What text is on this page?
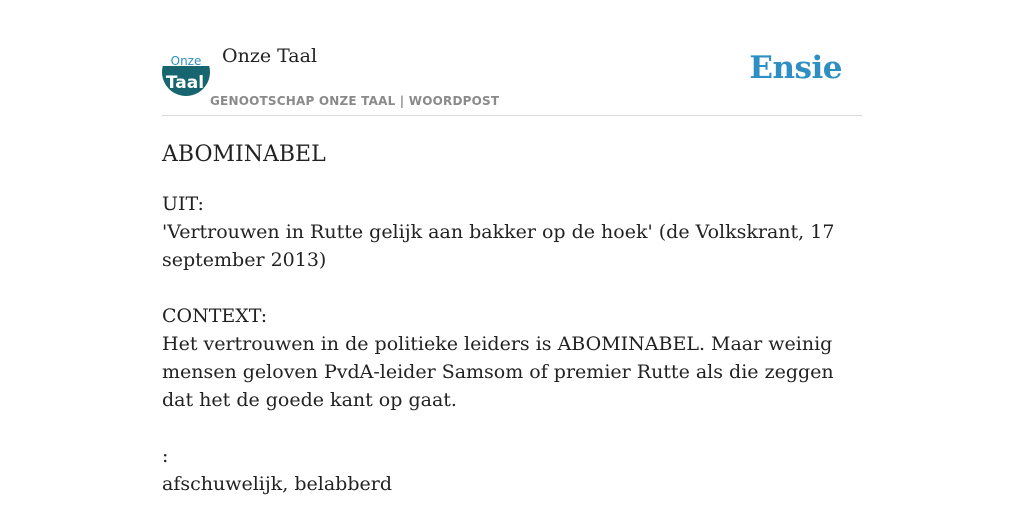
Onze
Taal
Onze Taal
GENOOTSCHAP ONZE TAAL | WOORDPOST
Ensie
ABOMINABEL

UIT:

'Vertrouwen in Rutte gelijk aan bakker op de hoek' (de Volkskrant, 17 september 2013)

CONTEXT:

Het vertrouwen in de politieke leiders is ABOMINABEL. Maar weinig mensen geloven PvdA-leider Samsom of premier Rutte als die zeggen dat het de goede kant op gaat.

:

afschuwelijk, belabberd
